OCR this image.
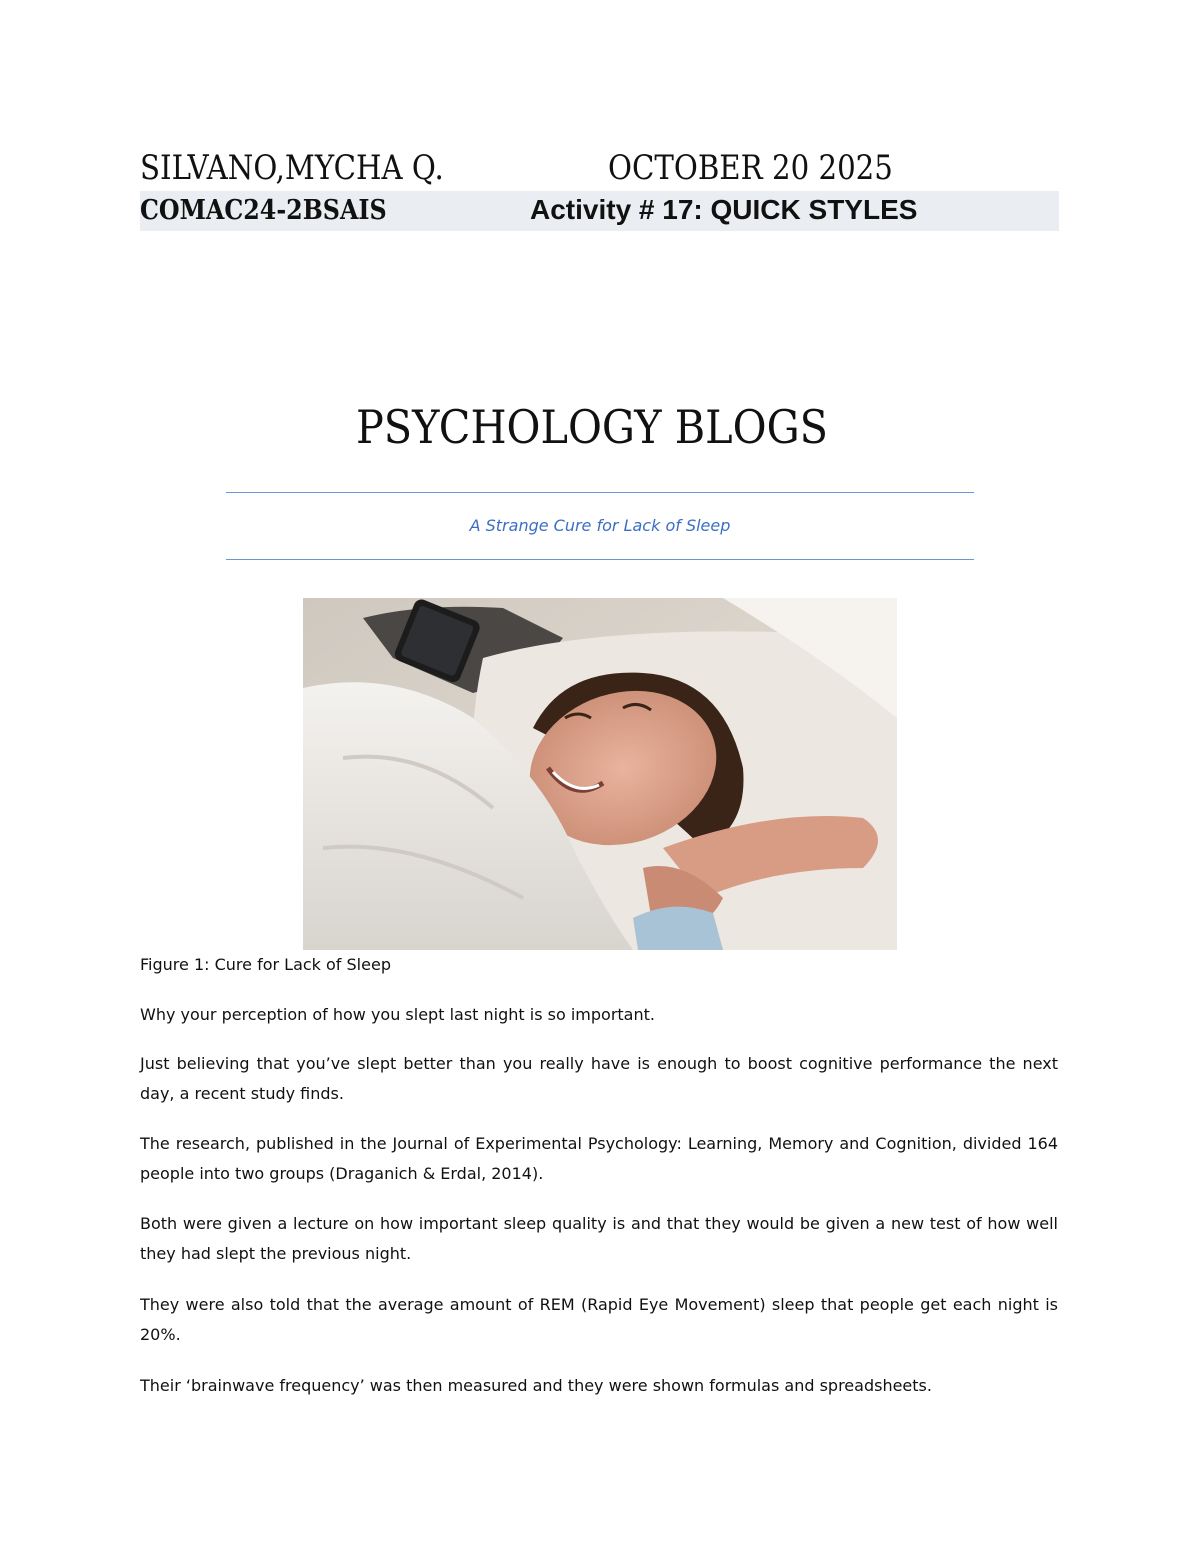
SILVANO,MYCHA Q.	OCTOBER 20 2025
COMAC24-2BSAIS	Activity # 17: QUICK STYLES
PSYCHOLOGY BLOGS
A Strange Cure for Lack of Sleep
Figure 1: Cure for Lack of Sleep

Why your perception of how you slept last night is so important.

Just believing that you’ve slept better than you really have is enough to boost cognitive performance the next day, a recent study finds.

The research, published in the Journal of Experimental Psychology: Learning, Memory and Cognition, divided 164 people into two groups (Draganich & Erdal, 2014).

Both were given a lecture on how important sleep quality is and that they would be given a new test of how well they had slept the previous night.

They were also told that the average amount of REM (Rapid Eye Movement) sleep that people get each night is 20%.

Their ‘brainwave frequency’ was then measured and they were shown formulas and spreadsheets.
